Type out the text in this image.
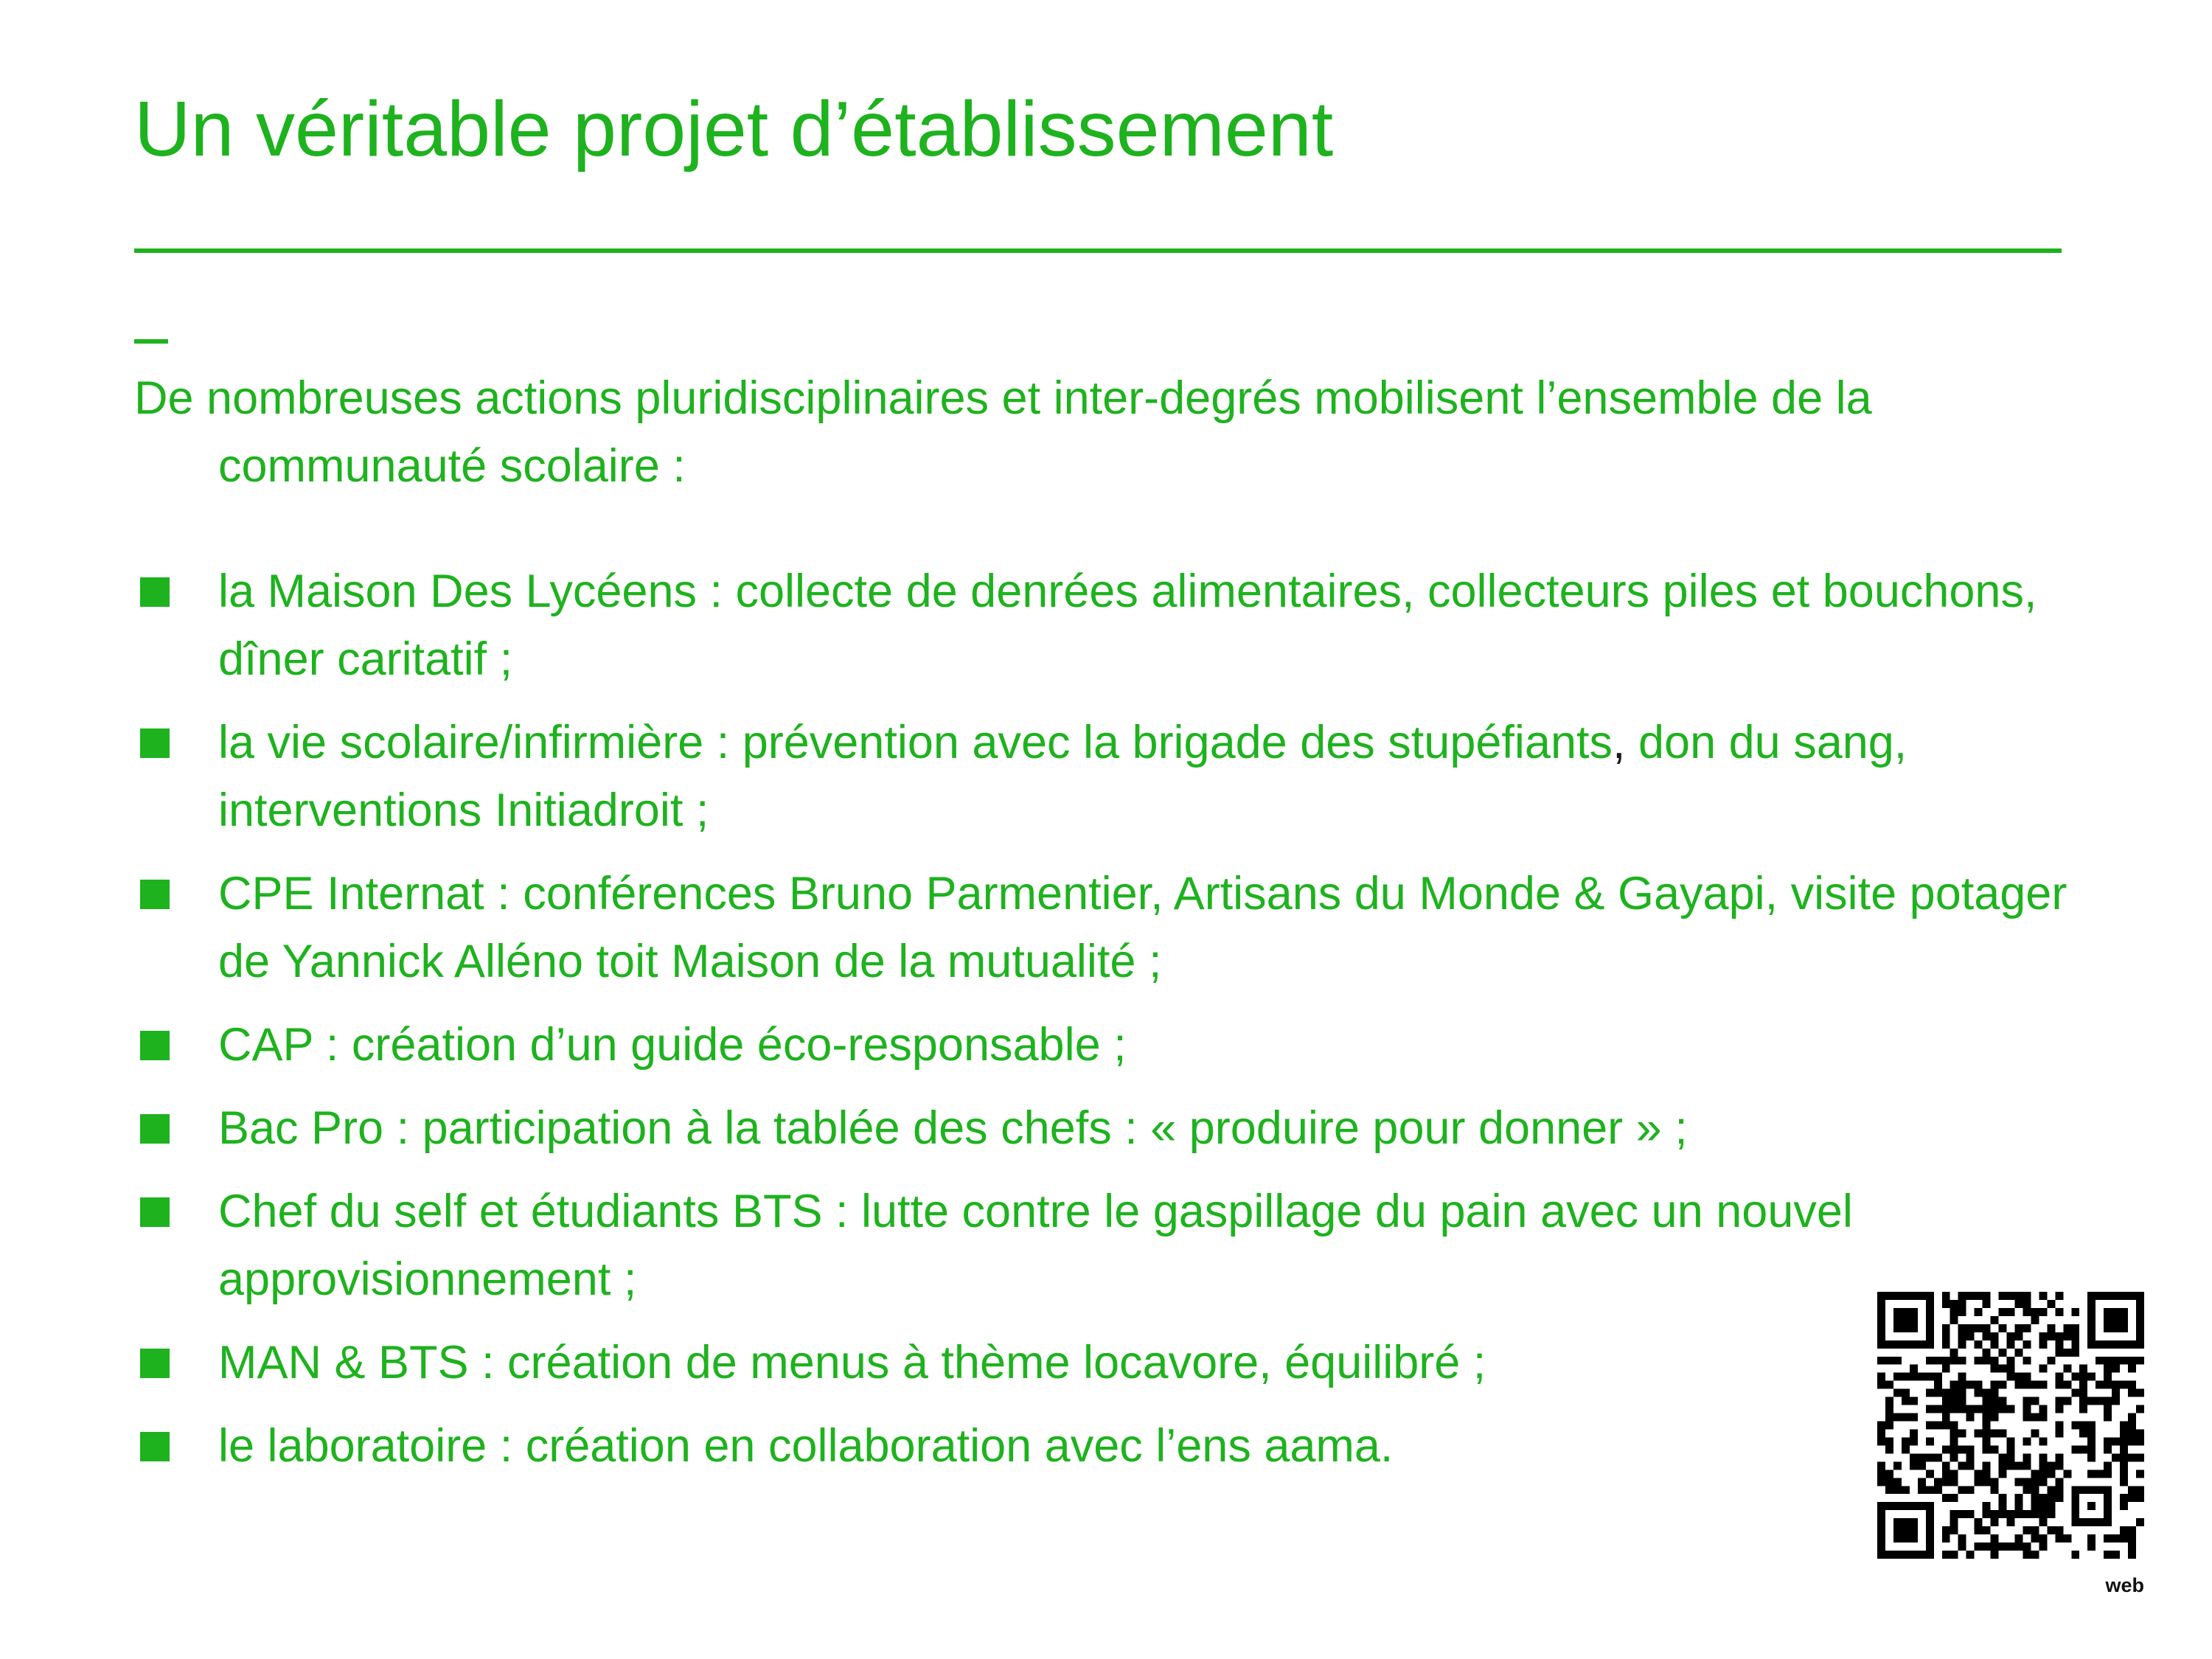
Un véritable projet d’établissement

De nombreuses actions pluridisciplinaires et inter-degrés mobilisent l’ensemble de la communauté scolaire :

la Maison Des Lycéens : collecte de denrées alimentaires, collecteurs piles et bouchons, dîner caritatif ;
la vie scolaire/infirmière : prévention avec la brigade des stupéfiants, don du sang, interventions Initiadroit ;
CPE Internat : conférences Bruno Parmentier, Artisans du Monde & Gayapi, visite potager de Yannick Alléno toit Maison de la mutualité ;
CAP : création d’un guide éco-responsable ;
Bac Pro : participation à la tablée des chefs : « produire pour donner » ;
Chef du self et étudiants BTS : lutte contre le gaspillage du pain avec un nouvel approvisionnement ;
MAN & BTS : création de menus à thème locavore, équilibré ;
le laboratoire : création en collaboration avec l’ens aama.
web
